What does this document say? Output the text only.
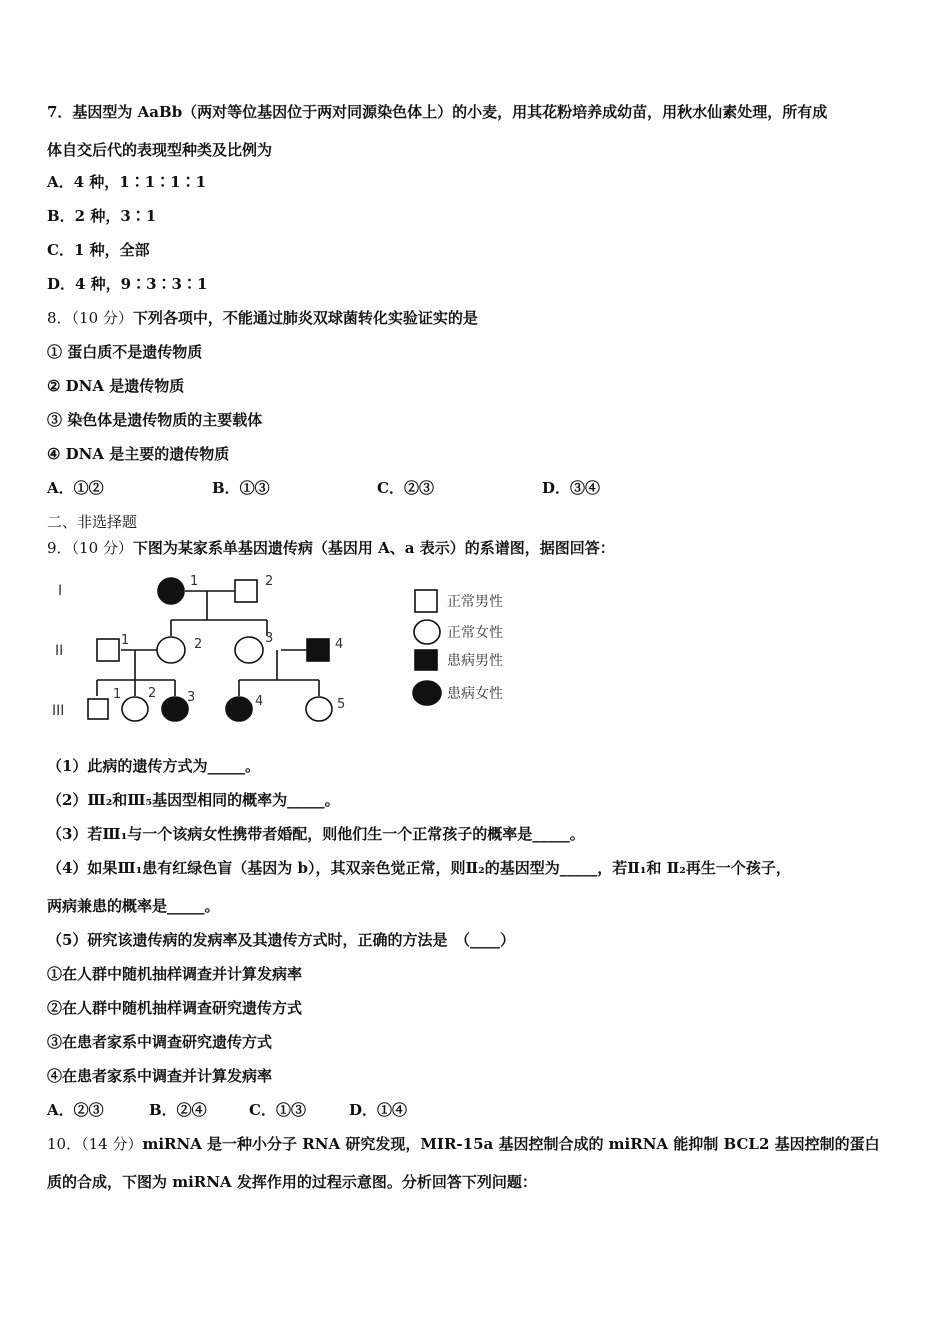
7．基因型为 AaBb（两对等位基因位于两对同源染色体上）的小麦，用其花粉培养成幼苗，用秋水仙素处理，所有成
体自交后代的表现型种类及比例为
A．4 种，1∶1∶1∶1
B．2 种，3∶1
C．1 种，全部
D．4 种，9∶3∶3∶1
8．（10 分）下列各项中，不能通过肺炎双球菌转化实验证实的是
① 蛋白质不是遗传物质
② DNA 是遗传物质
③ 染色体是遗传物质的主要载体
④ DNA 是主要的遗传物质
A．①②	B．①③	C．②③	D．③④
二、非选择题
9．（10 分）下图为某家系单基因遗传病（基因用 A、a 表示）的系谱图，据图回答：
I
II
III
1	2
1	2	3	4
1 2 3	4	5
正常男性
正常女性
患病男性
患病女性
（1）此病的遗传方式为_____。
（2）Ⅲ₂和Ⅲ₅基因型相同的概率为_____。
（3）若Ⅲ₁与一个该病女性携带者婚配，则他们生一个正常孩子的概率是_____。
（4）如果Ⅲ₁患有红绿色盲（基因为 b），其双亲色觉正常，则Ⅱ₂的基因型为_____，若Ⅱ₁和 Ⅱ₂再生一个孩子，
两病兼患的概率是_____。
（5）研究该遗传病的发病率及其遗传方式时，正确的方法是　（____）
①在人群中随机抽样调查并计算发病率
②在人群中随机抽样调查研究遗传方式
③在患者家系中调查研究遗传方式
④在患者家系中调查并计算发病率
A．②③	B．②④	C．①③	D．①④
10．（14 分）miRNA 是一种小分子 RNA 研究发现，MIR-15a 基因控制合成的 miRNA 能抑制 BCL2 基因控制的蛋白
质的合成，下图为 miRNA 发挥作用的过程示意图。分析回答下列问题：
